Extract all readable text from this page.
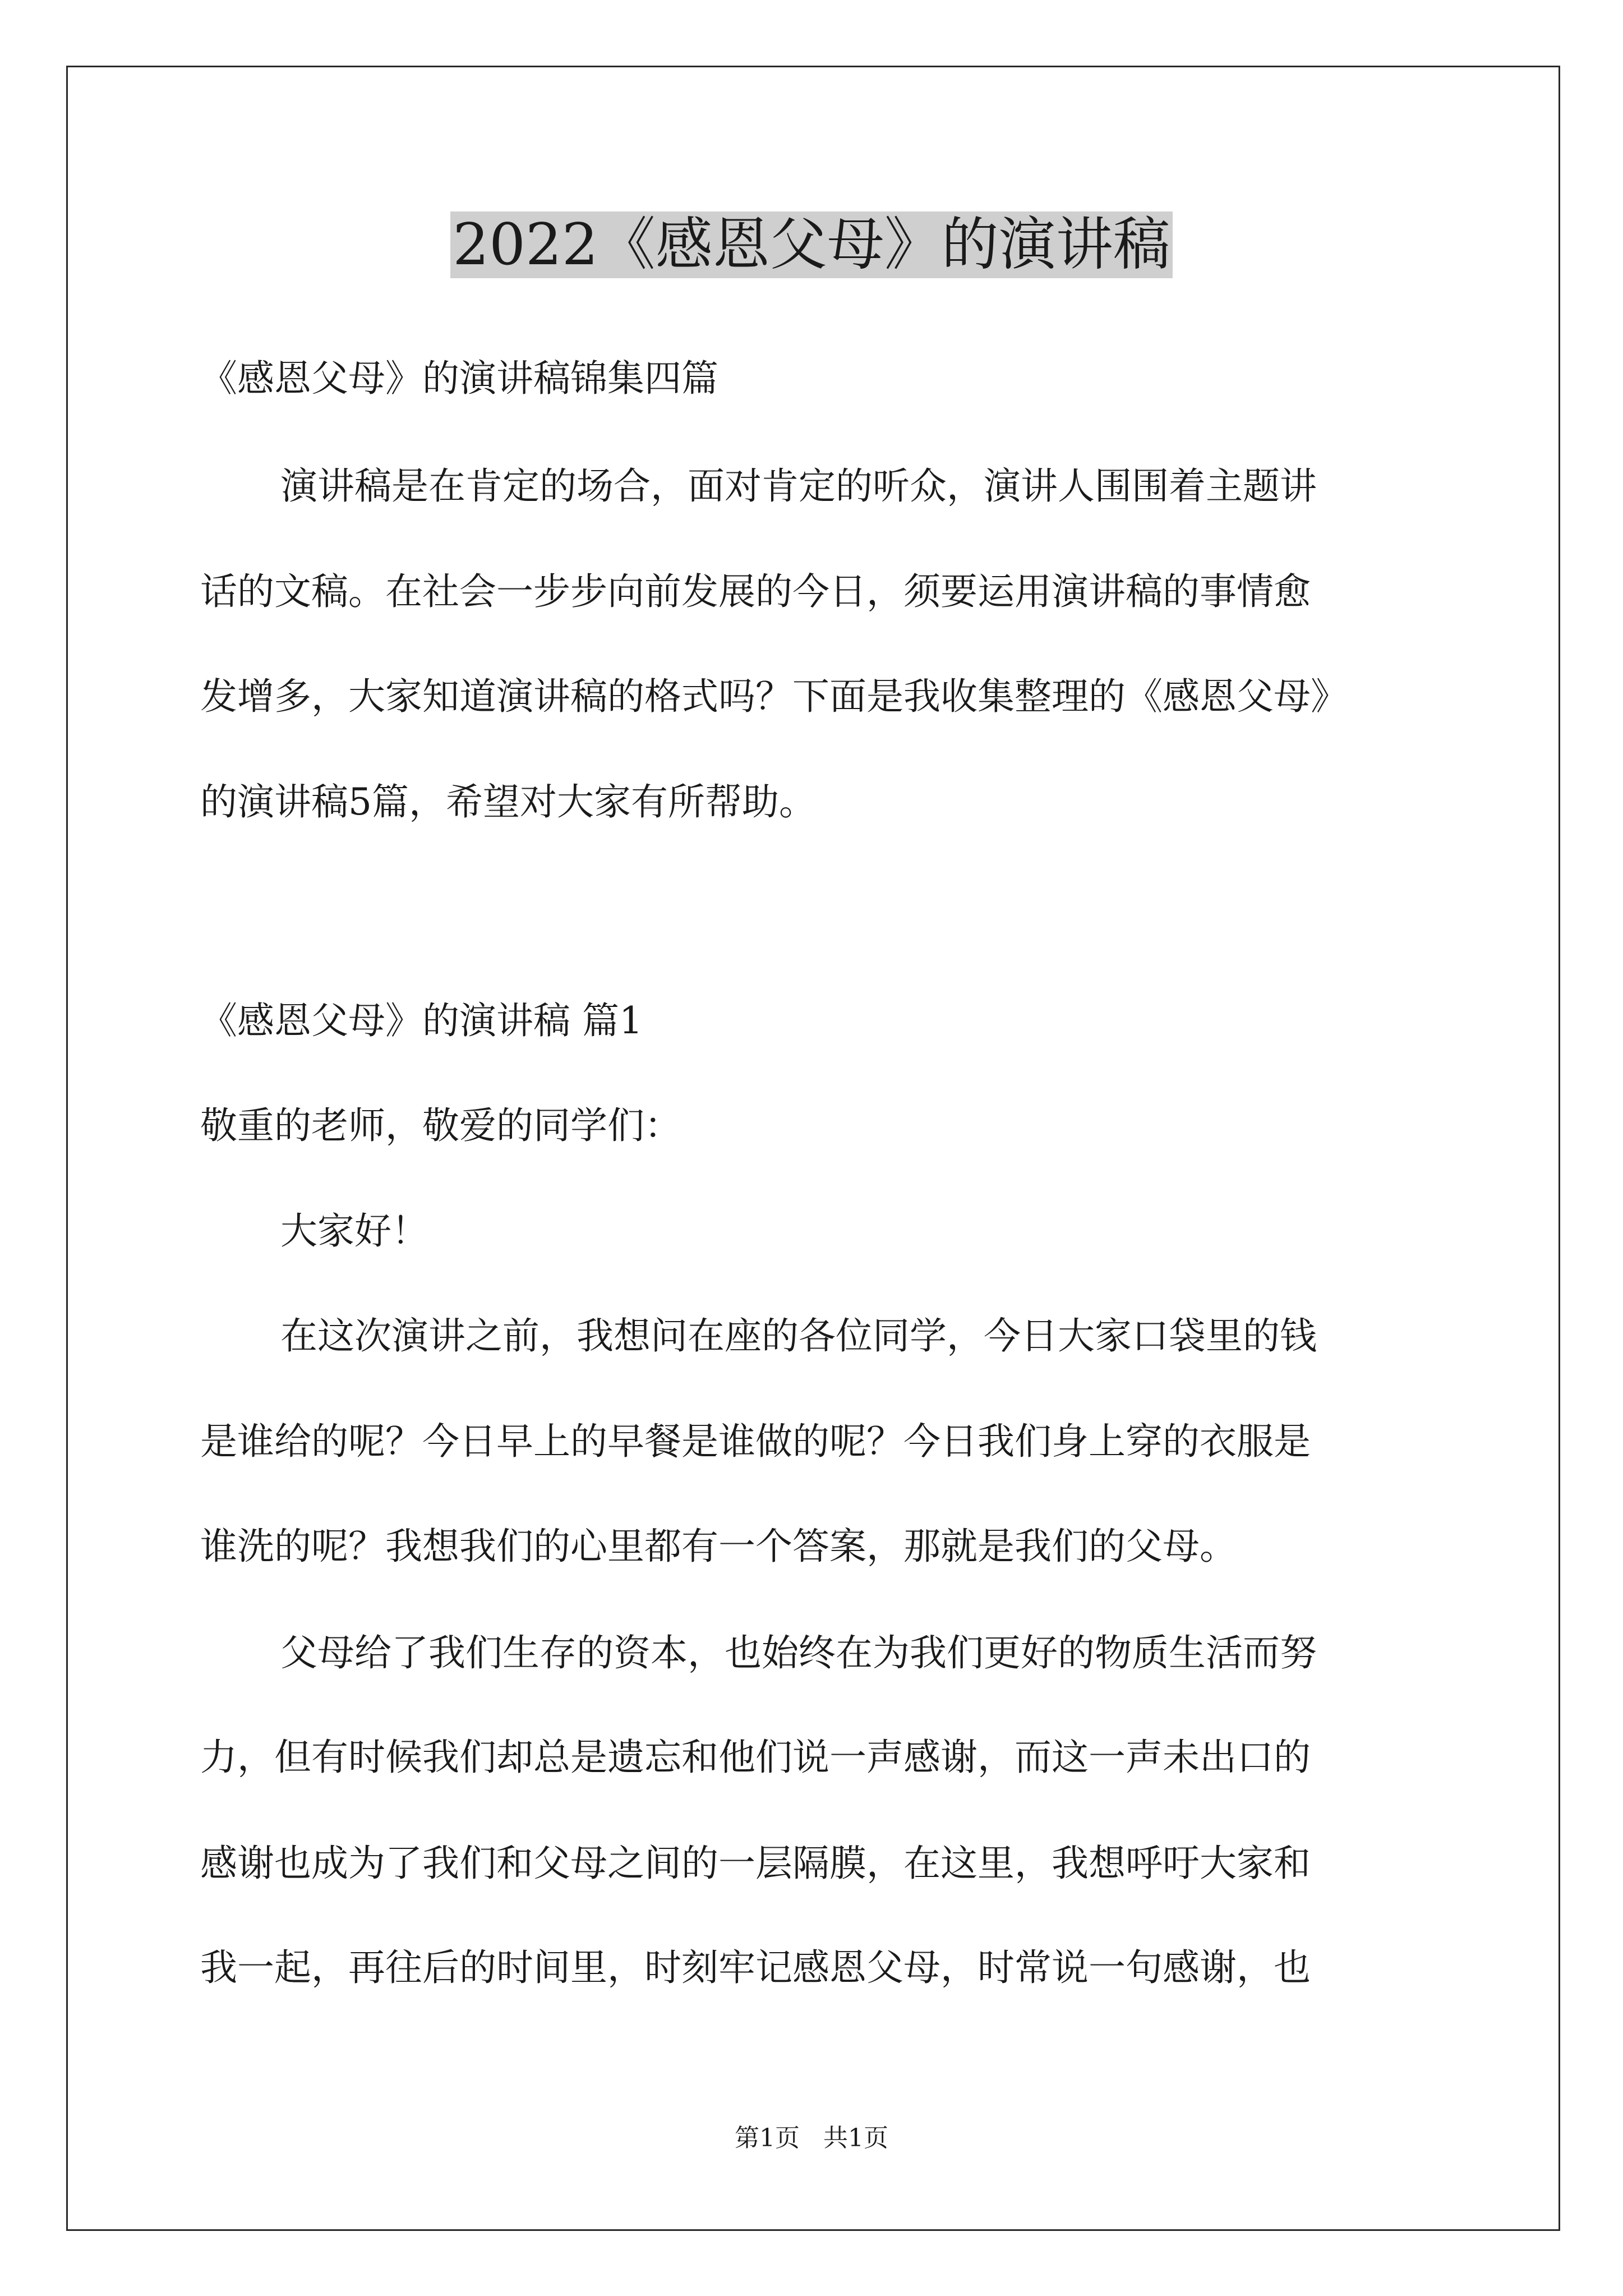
2022《感恩父母》的演讲稿
《感恩父母》的演讲稿锦集四篇
演讲稿是在肯定的场合，面对肯定的听众，演讲人围围着主题讲
话的文稿。在社会一步步向前发展的今日，须要运用演讲稿的事情愈
发增多，大家知道演讲稿的格式吗？下面是我收集整理的《感恩父母》
的演讲稿5篇，希望对大家有所帮助。
《感恩父母》的演讲稿 篇1
敬重的老师，敬爱的同学们：
大家好！
在这次演讲之前，我想问在座的各位同学，今日大家口袋里的钱
是谁给的呢？今日早上的早餐是谁做的呢？今日我们身上穿的衣服是
谁洗的呢？我想我们的心里都有一个答案，那就是我们的父母。
父母给了我们生存的资本，也始终在为我们更好的物质生活而努
力，但有时候我们却总是遗忘和他们说一声感谢，而这一声未出口的
感谢也成为了我们和父母之间的一层隔膜，在这里，我想呼吁大家和
我一起，再往后的时间里，时刻牢记感恩父母，时常说一句感谢，也
第1页   共1页
